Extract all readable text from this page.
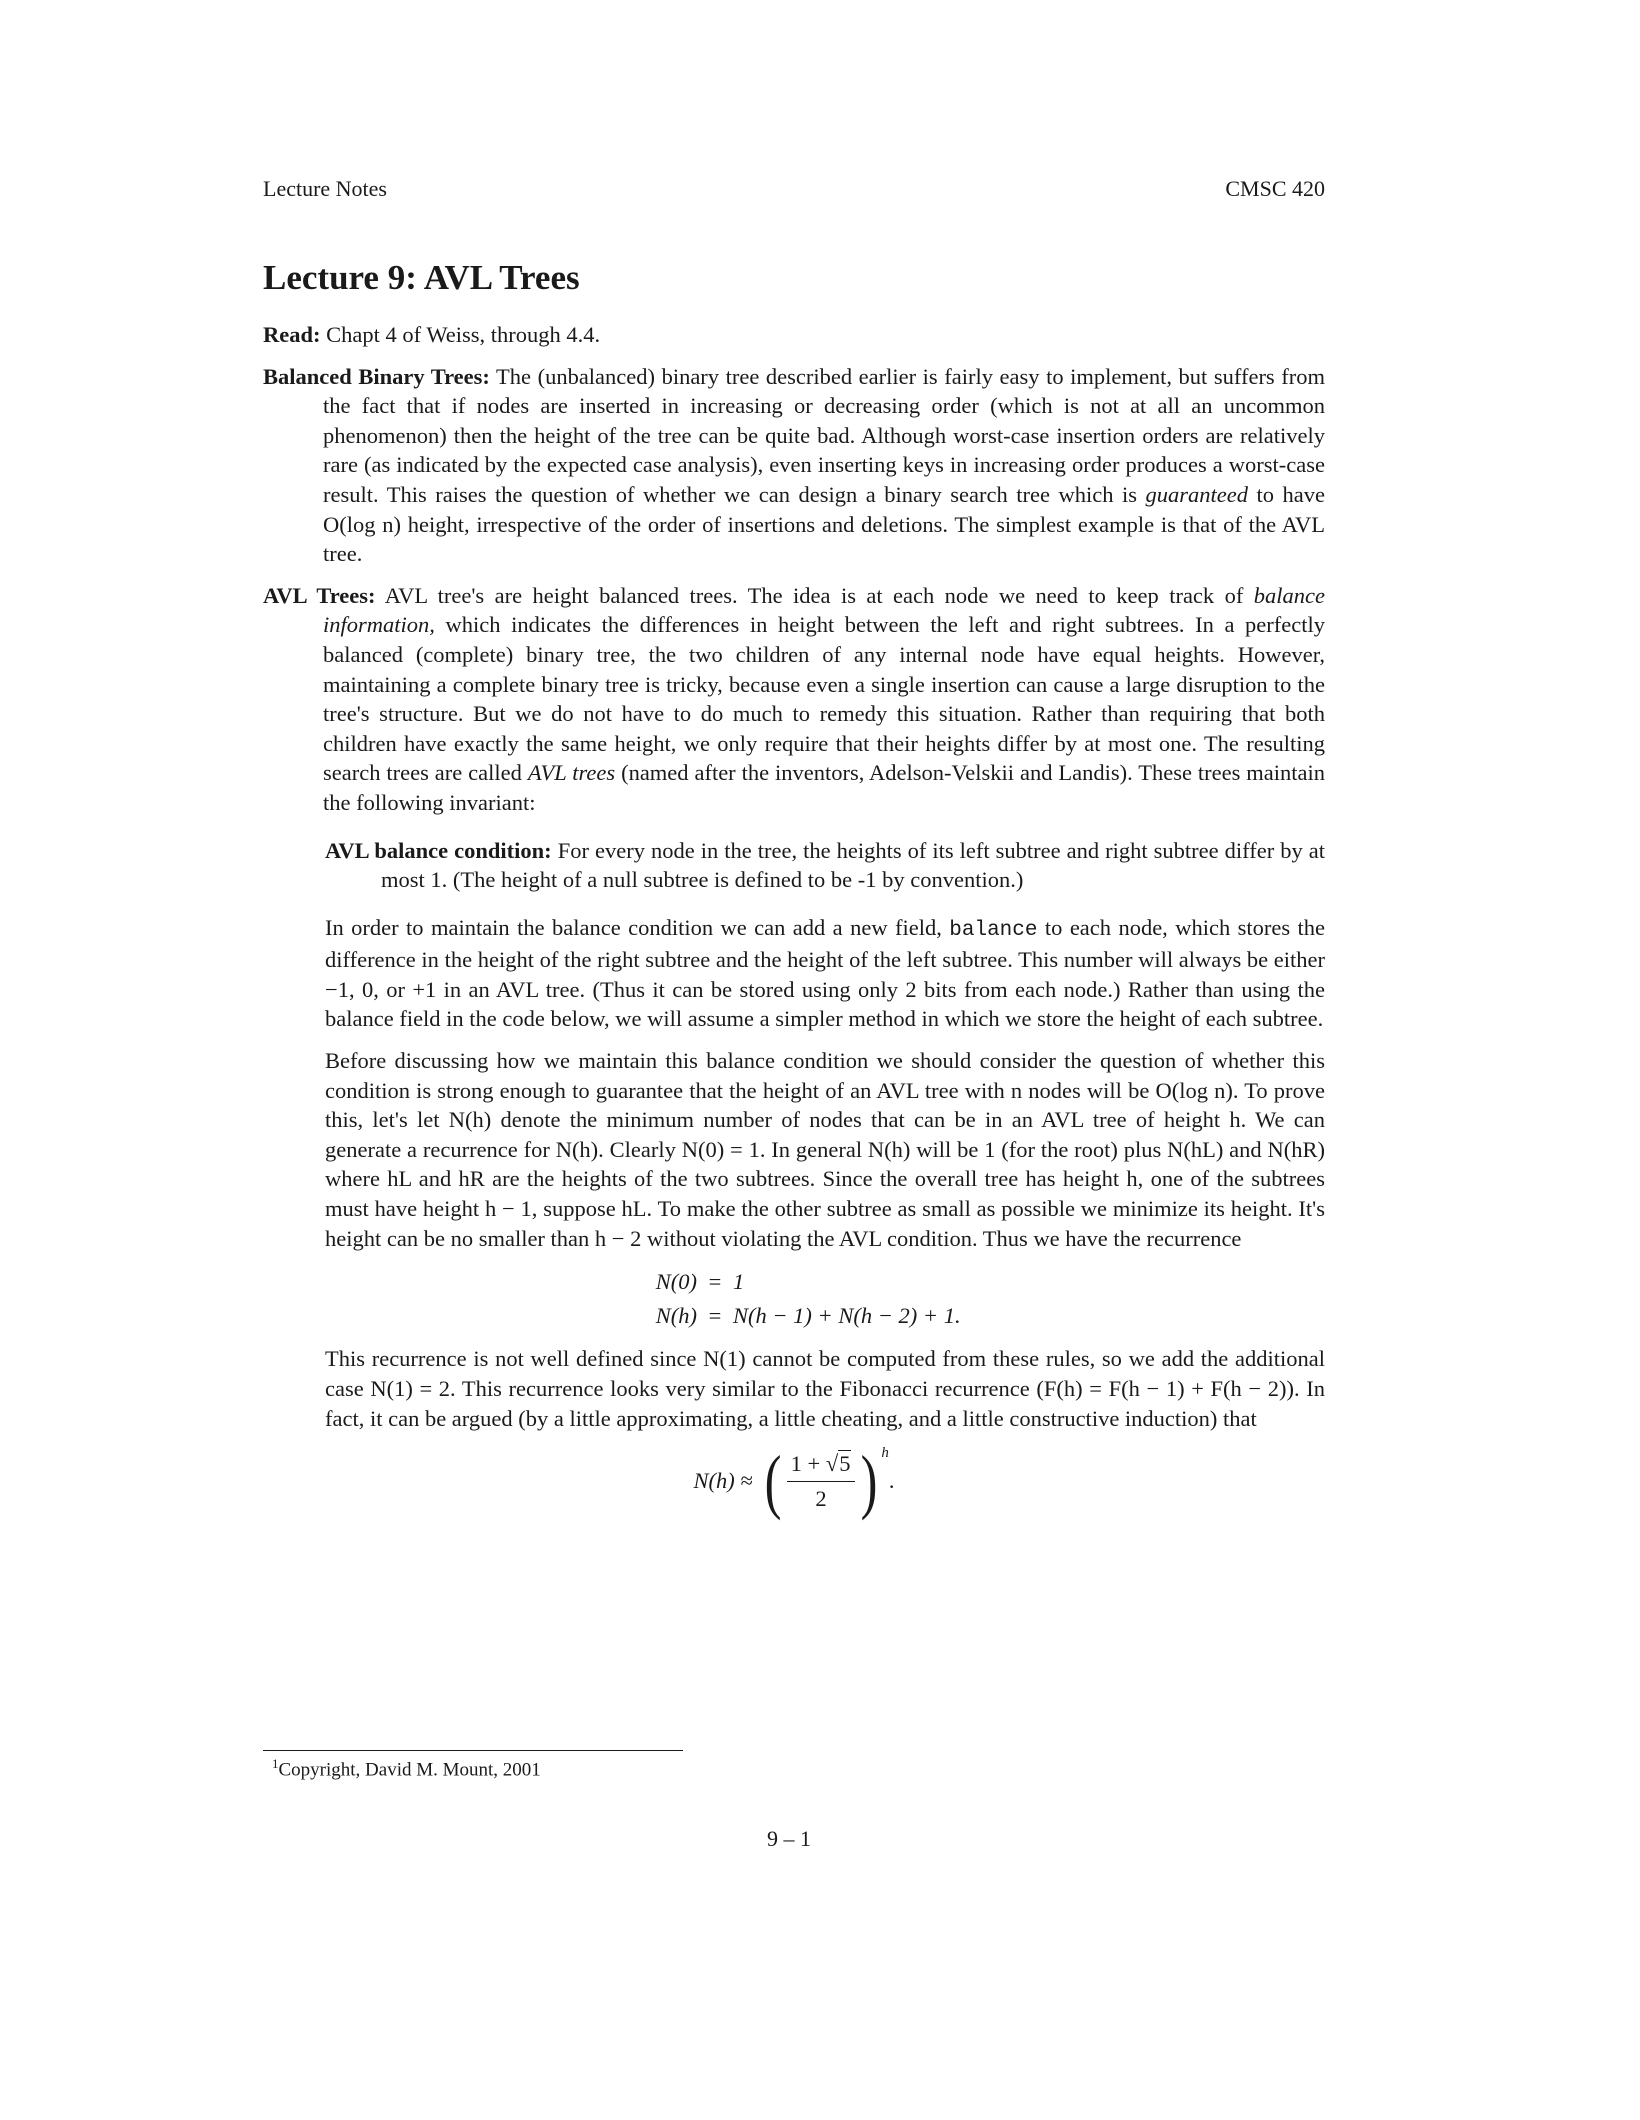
Lecture Notes	CMSC 420
Lecture 9: AVL Trees

Read: Chapt 4 of Weiss, through 4.4.

Balanced Binary Trees: The (unbalanced) binary tree described earlier is fairly easy to implement, but suffers from the fact that if nodes are inserted in increasing or decreasing order (which is not at all an uncommon phenomenon) then the height of the tree can be quite bad. Although worst-case insertion orders are relatively rare (as indicated by the expected case analysis), even inserting keys in increasing order produces a worst-case result. This raises the question of whether we can design a binary search tree which is guaranteed to have O(log n) height, irrespective of the order of insertions and deletions. The simplest example is that of the AVL tree.

AVL Trees: AVL tree's are height balanced trees. The idea is at each node we need to keep track of balance information, which indicates the differences in height between the left and right subtrees. In a perfectly balanced (complete) binary tree, the two children of any internal node have equal heights. However, maintaining a complete binary tree is tricky, because even a single insertion can cause a large disruption to the tree's structure. But we do not have to do much to remedy this situation. Rather than requiring that both children have exactly the same height, we only require that their heights differ by at most one. The resulting search trees are called AVL trees (named after the inventors, Adelson-Velskii and Landis). These trees maintain the following invariant:

AVL balance condition: For every node in the tree, the heights of its left subtree and right subtree differ by at most 1. (The height of a null subtree is defined to be -1 by convention.)

In order to maintain the balance condition we can add a new field, balance to each node, which stores the difference in the height of the right subtree and the height of the left subtree. This number will always be either −1, 0, or +1 in an AVL tree. (Thus it can be stored using only 2 bits from each node.) Rather than using the balance field in the code below, we will assume a simpler method in which we store the height of each subtree.

Before discussing how we maintain this balance condition we should consider the question of whether this condition is strong enough to guarantee that the height of an AVL tree with n nodes will be O(log n). To prove this, let's let N(h) denote the minimum number of nodes that can be in an AVL tree of height h. We can generate a recurrence for N(h). Clearly N(0) = 1. In general N(h) will be 1 (for the root) plus N(hL) and N(hR) where hL and hR are the heights of the two subtrees. Since the overall tree has height h, one of the subtrees must have height h − 1, suppose hL. To make the other subtree as small as possible we minimize its height. It's height can be no smaller than h − 2 without violating the AVL condition. Thus we have the recurrence

N(0) = 1
N(h) = N(h − 1) + N(h − 2) + 1.

This recurrence is not well defined since N(1) cannot be computed from these rules, so we add the additional case N(1) = 2. This recurrence looks very similar to the Fibonacci recurrence (F(h) = F(h − 1) + F(h − 2)). In fact, it can be argued (by a little approximating, a little cheating, and a little constructive induction) that

N(h) ≈ ( $\frac{1 + √5}{2}$ ) h
.
$^1$Copyright, David M. Mount, 2001
9 – 1
